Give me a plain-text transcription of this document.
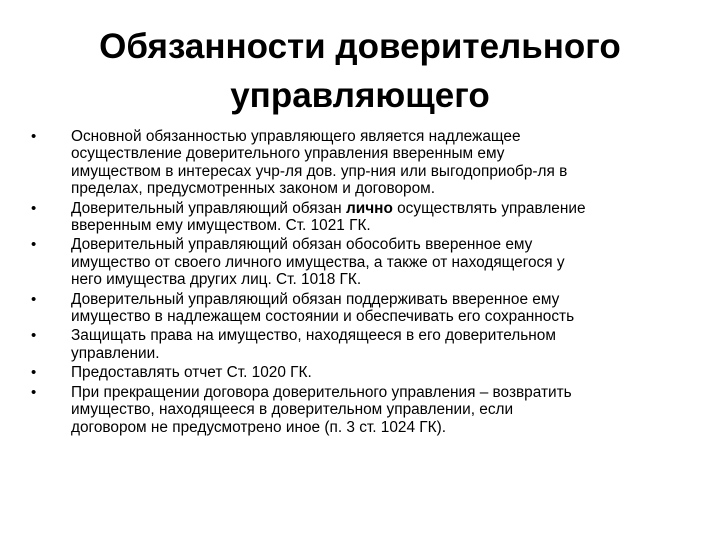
Обязанности доверительного
управляющего
•	Основной обязанностью управляющего является надлежащее
осуществление доверительного управления вверенным ему
имуществом в интересах учр-ля дов. упр-ния или выгодоприобр-ля в
пределах, предусмотренных законом и договором.
•	Доверительный управляющий обязан лично осуществлять управление
вверенным ему имуществом. Ст. 1021 ГК.
•	Доверительный управляющий обязан обособить вверенное ему
имущество от своего личного имущества, а также от находящегося у
него имущества других лиц. Ст. 1018 ГК.
•	Доверительный управляющий обязан поддерживать вверенное ему
имущество в надлежащем состоянии и обеспечивать его сохранность
•	Защищать права на имущество, находящееся в его доверительном
управлении.
•	Предоставлять отчет Ст. 1020 ГК.
•	При прекращении договора доверительного управления – возвратить
имущество, находящееся в доверительном управлении, если
договором не предусмотрено иное (п. 3 ст. 1024 ГК).
